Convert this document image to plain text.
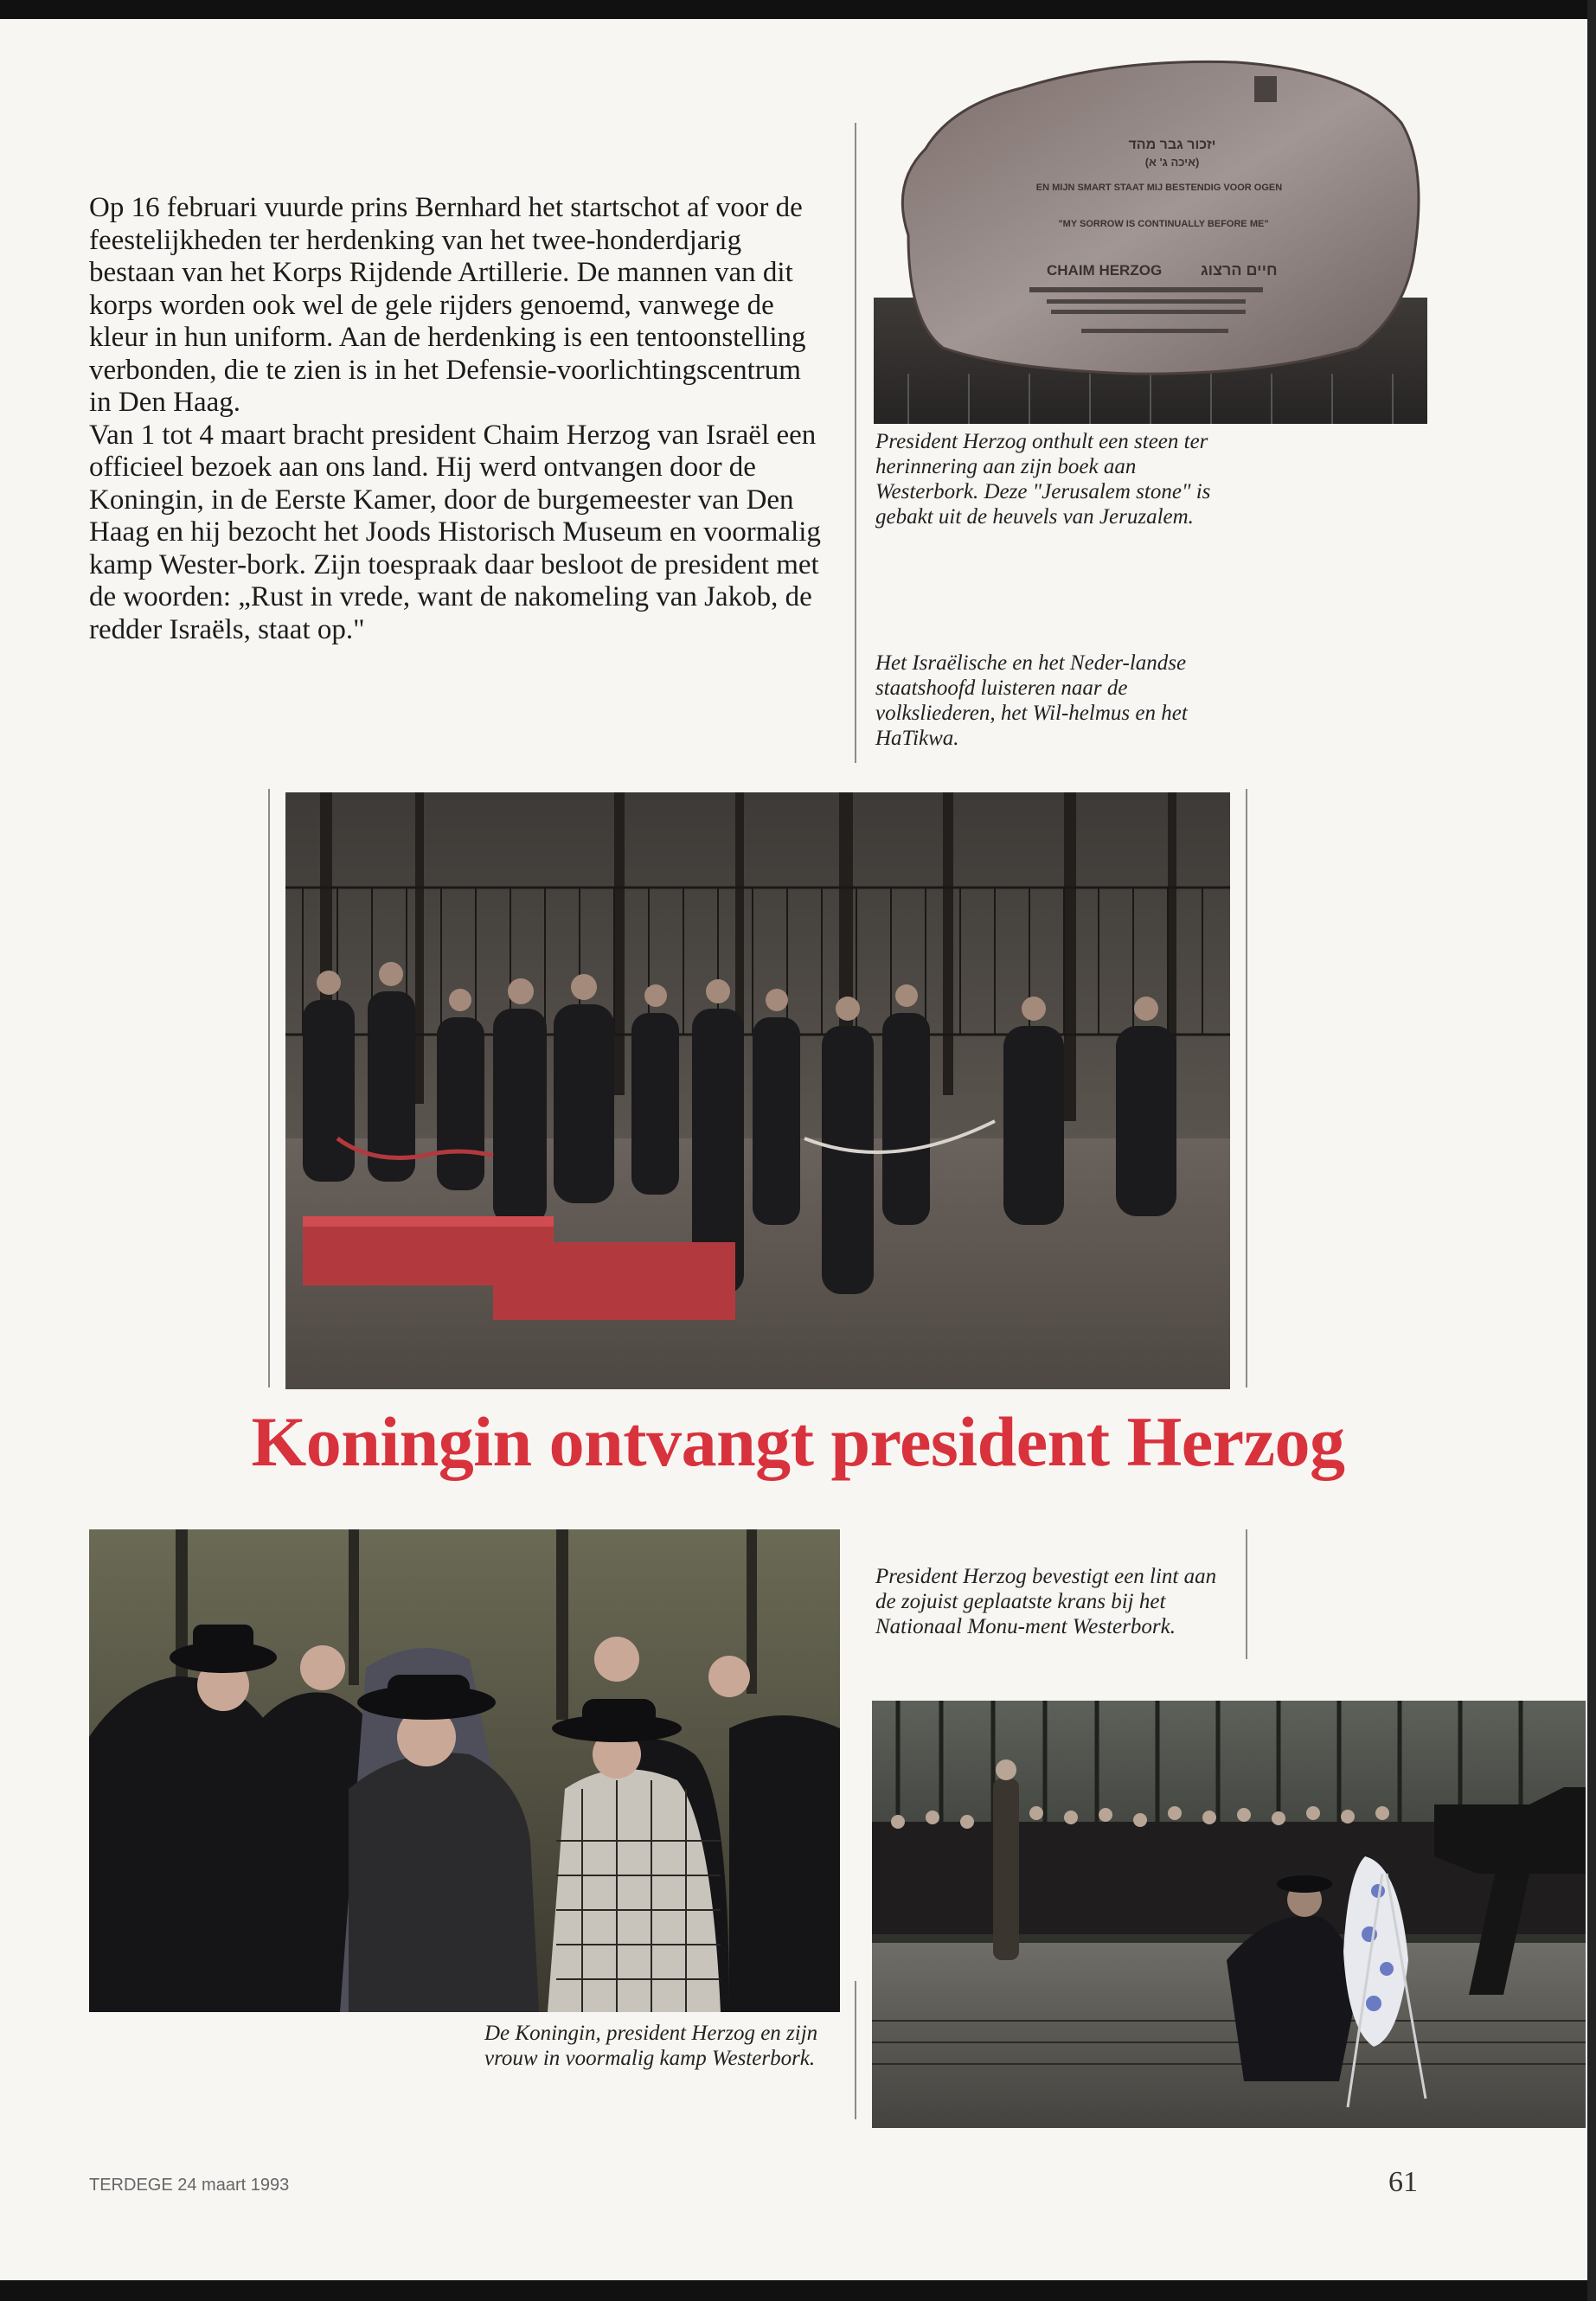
Op 16 februari vuurde prins Bernhard het startschot af voor de feestelijkheden ter herdenking van het twee-honderdjarig bestaan van het Korps Rijdende Artillerie. De mannen van dit korps worden ook wel de gele rijders genoemd, vanwege de kleur in hun uniform. Aan de herdenking is een tentoonstelling verbonden, die te zien is in het Defensie-voorlichtingscentrum in Den Haag.

Van 1 tot 4 maart bracht president Chaim Herzog van Israël een officieel bezoek aan ons land. Hij werd ontvangen door de Koningin, in de Eerste Kamer, door de burgemeester van Den Haag en hij bezocht het Joods Historisch Museum en voormalig kamp Wester-bork. Zijn toespraak daar besloot de president met de woorden: „Rust in vrede, want de nakomeling van Jakob, de redder Israëls, staat op."

יזכור גבר מהד
(איכה ג' א)
EN MIJN SMART STAAT MIJ BESTENDIG VOOR OGEN
"MY SORROW IS CONTINUALLY BEFORE ME"
CHAIM HERZOG חיים הרצוג
President Herzog onthult een steen ter herinnering aan zijn boek aan Westerbork. Deze "Jerusalem stone" is gebakt uit de heuvels van Jeruzalem.
Het Israëlische en het Neder-landse staatshoofd luisteren naar de volksliederen, het Wil-helmus en het HaTikwa.
Koningin ontvangt president Herzog
De Koningin, president Herzog en zijn vrouw in voormalig kamp Westerbork.
President Herzog bevestigt een lint aan de zojuist geplaatste krans bij het Nationaal Monu-ment Westerbork.
TERDEGE 24 maart 1993	61
